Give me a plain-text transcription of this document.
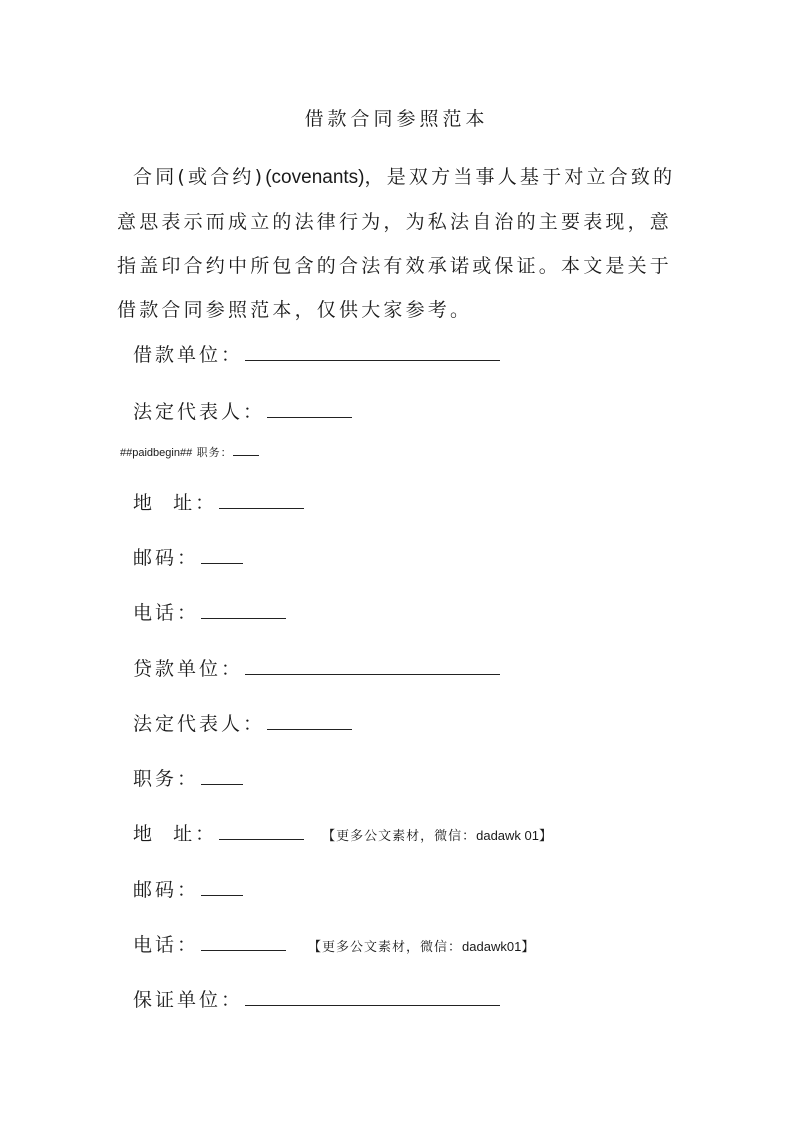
借款合同参照范本
合同(或合约)(covenants)，是双方当事人基于对立合致的意思表示而成立的法律行为，为私法自治的主要表现，意指盖印合约中所包含的合法有效承诺或保证。本文是关于借款合同参照范本，仅供大家参考。
借款单位：
法定代表人：
##paidbegin## 职务：
地  址：
邮码：
电话：
贷款单位：
法定代表人：
职务：
地  址：	【更多公文素材，微信：dadawk 01】
邮码：
电话：	【更多公文素材，微信：dadawk01】
保证单位：
